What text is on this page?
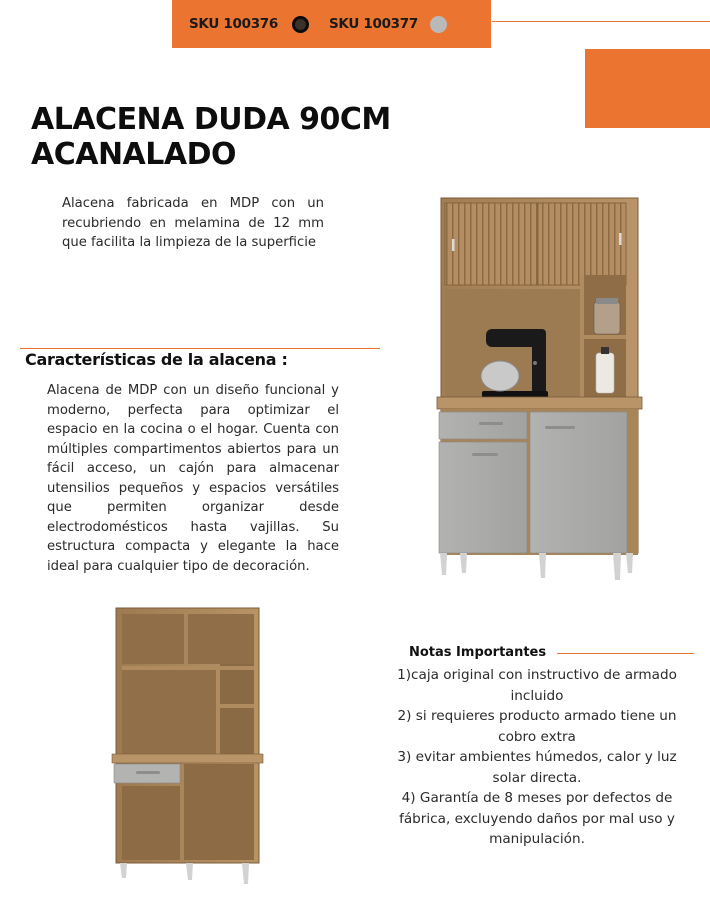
SKU 100376	SKU 100377
ALACENA DUDA 90CM
ACANALADO

Alacena fabricada en MDP con un recubriendo en melamina de 12 mm que facilita la limpieza de la superficie

Características de la alacena :

Alacena de MDP con un diseño funcional y moderno, perfecta para optimizar el espacio en la cocina o el hogar. Cuenta con múltiples compartimentos abiertos para un fácil acceso, un cajón para almacenar utensilios pequeños y espacios versátiles que permiten organizar desde electrodomésticos hasta vajillas. Su estructura compacta y elegante la hace ideal para cualquier tipo de decoración.

Notas Importantes

1)caja original con instructivo de armado incluido

2) si requieres producto armado tiene un cobro extra

3) evitar ambientes húmedos, calor y luz solar directa.

4) Garantía de 8 meses por defectos de fábrica, excluyendo daños por mal uso y manipulación.
